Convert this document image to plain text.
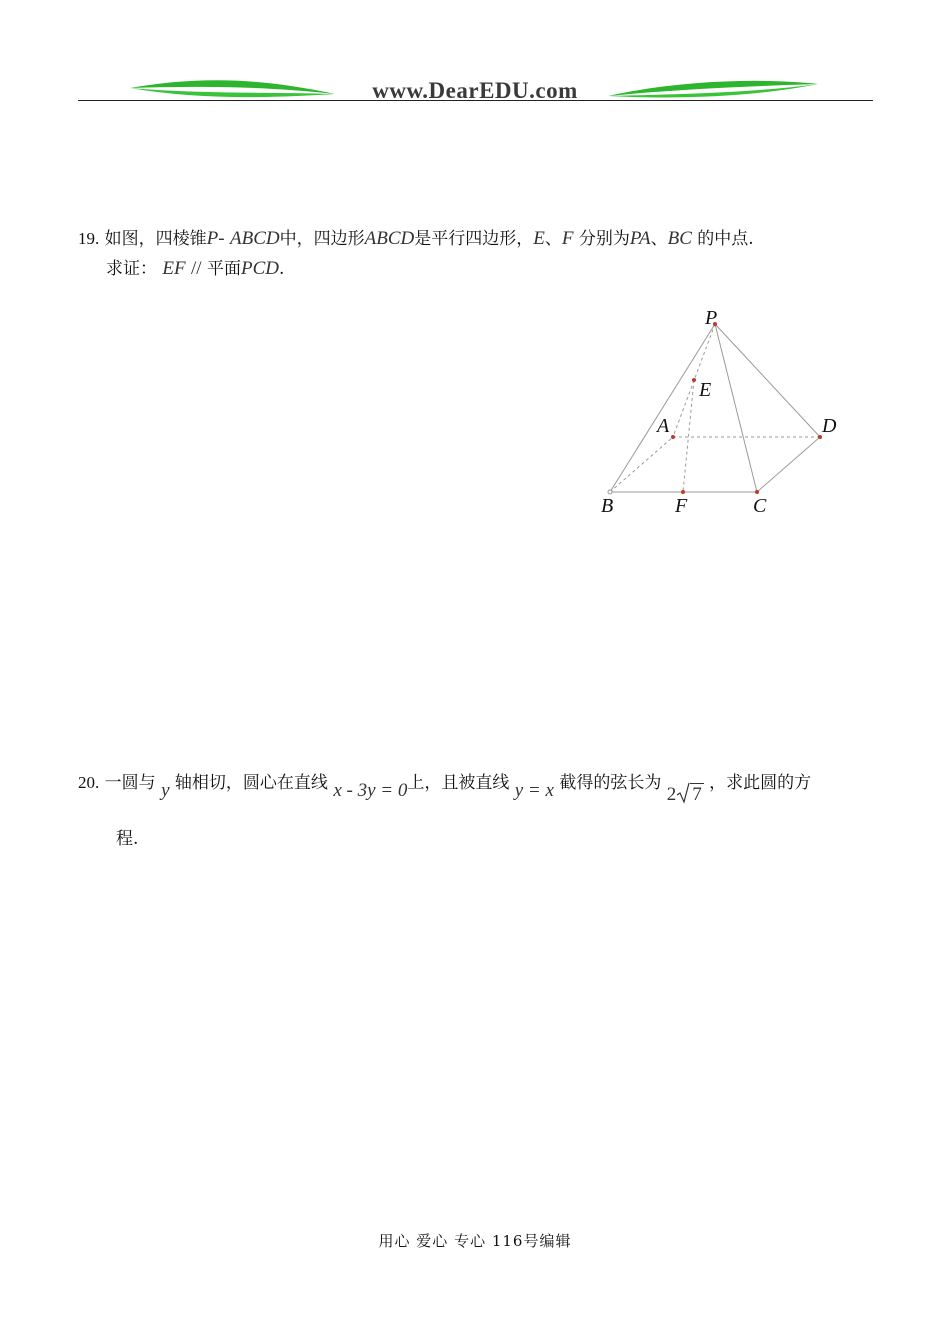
www.DearEDU.com
19. 如图，四棱锥P- ABCD中，四边形ABCD是平行四边形，E、F 分别为PA、BC 的中点.
求证： EF // 平面PCD.
P
E
A	D
B	F	C
20. 一圆与 y 轴相切，圆心在直线 x - 3y = 0上，且被直线 y = x 截得的弦长为 2 7 ，求此圆的方
程.
用心 爱心 专心 116号编辑
